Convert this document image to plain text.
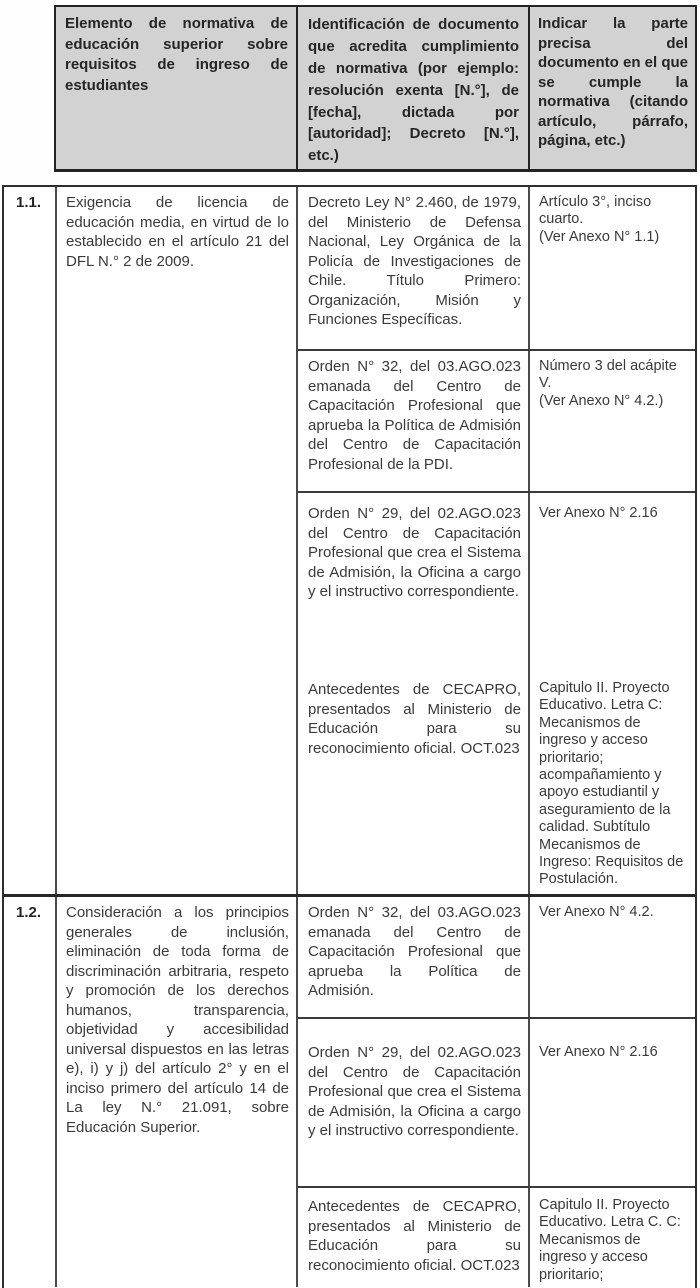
Elemento de normativa de educación superior sobre requisitos de ingreso de estudiantes
Identificación de documento que acredita cumplimiento de normativa (por ejemplo: resolución exenta [N.°], de [fecha], dictada por [autoridad]; Decreto [N.°], etc.)
Indicar la parte precisa del documento en el que se cumple la normativa (citando artículo, párrafo, página, etc.)
1.1.	Exigencia de licencia de educación media, en virtud de lo establecido en el artículo 21 del DFL N.° 2 de 2009.
Decreto Ley N° 2.460, de 1979, del Ministerio de Defensa Nacional, Ley Orgánica de la Policía de Investigaciones de Chile. Título Primero: Organización, Misión y Funciones Específicas.
Artículo 3°, inciso cuarto.
(Ver Anexo N° 1.1)
Orden N° 32, del 03.AGO.023 emanada del Centro de Capacitación Profesional que aprueba la Política de Admisión del Centro de Capacitación Profesional de la PDI.
Número 3 del acápite V.
(Ver Anexo N° 4.2.)
Orden N° 29, del 02.AGO.023 del Centro de Capacitación Profesional que crea el Sistema de Admisión, la Oficina a cargo y el instructivo correspondiente.
Ver Anexo N° 2.16
Antecedentes de CECAPRO, presentados al Ministerio de Educación para su reconocimiento oficial. OCT.023
Capitulo II. Proyecto Educativo. Letra C: Mecanismos de ingreso y acceso prioritario; acompañamiento y apoyo estudiantil y aseguramiento de la calidad. Subtítulo Mecanismos de Ingreso: Requisitos de Postulación.
1.2.	Consideración a los principios generales de inclusión, eliminación de toda forma de discriminación arbitraria, respeto y promoción de los derechos humanos, transparencia, objetividad y accesibilidad universal dispuestos en las letras e), i) y j) del artículo 2° y en el inciso primero del artículo 14 de La ley N.° 21.091, sobre Educación Superior.
Orden N° 32, del 03.AGO.023 emanada del Centro de Capacitación Profesional que aprueba la Política de Admisión.
Ver Anexo N° 4.2.
Orden N° 29, del 02.AGO.023 del Centro de Capacitación Profesional que crea el Sistema de Admisión, la Oficina a cargo y el instructivo correspondiente.
Ver Anexo N° 2.16
Antecedentes de CECAPRO, presentados al Ministerio de Educación para su reconocimiento oficial. OCT.023
Capitulo II. Proyecto Educativo. Letra C. C: Mecanismos de ingreso y acceso prioritario;
